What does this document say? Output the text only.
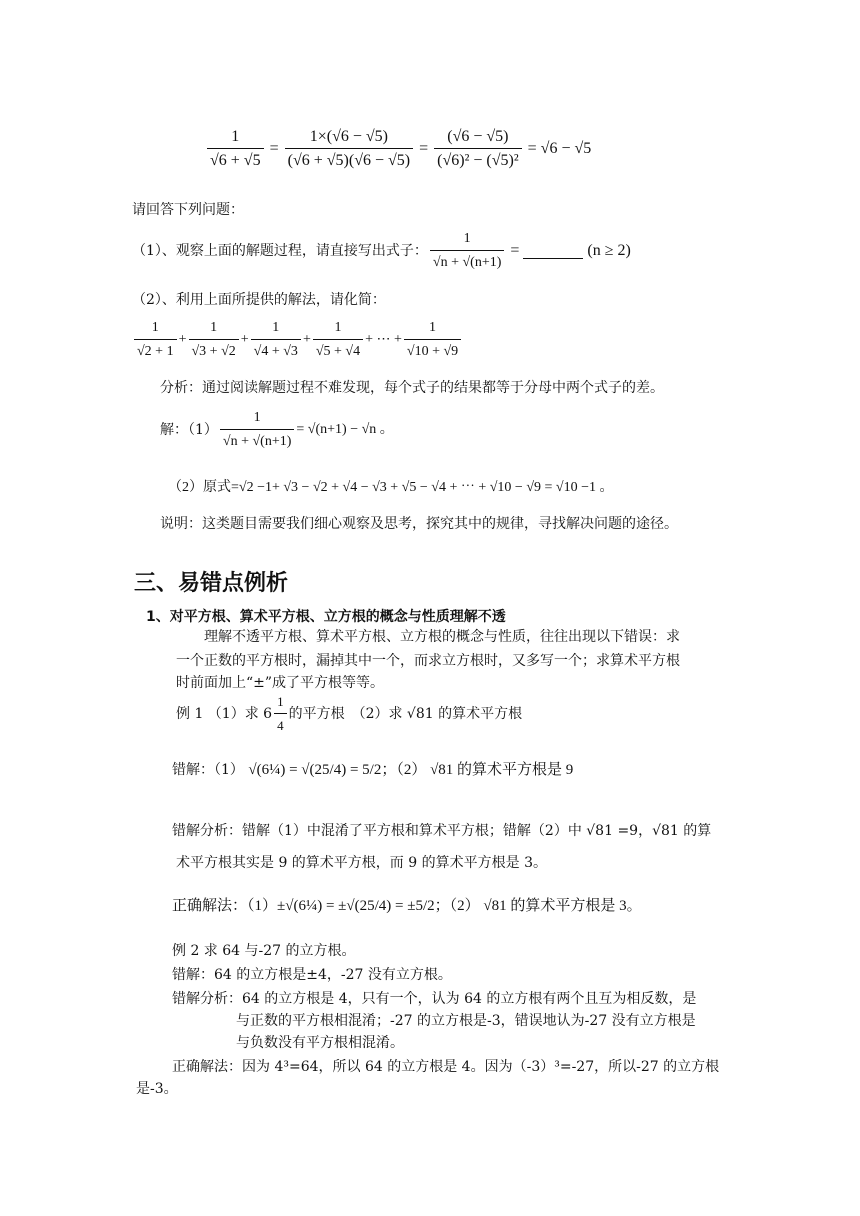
$\frac{1}{√6 + √5} = \frac{1\times(√6 - √5)}{(√6 + √5)(√6 - √5)} = \frac{(√6 - √5)}{\text{(√6)² − (√5)²}} = √6 - √5$
请回答下列问题：
（1）、观察上面的解题过程，请直接写出式子： $\frac{1}{√n + √(n+1)}$ =	(n ≥ 2)
（2）、利用上面所提供的解法，请化简：
$\frac{1}{√2 + 1} + \frac{1}{√3 + √2} + \frac{1}{√4 + √3} + \frac{1}{√5 + √4}$ + ⋯ + $\frac{1}{√10 + √9}$
分析：通过阅读解题过程不难发现，每个式子的结果都等于分母中两个式子的差。
解：$(1) \frac{1}{√n + √(n+1)} = √(n+1) - √n$ 。
（2）原式=√2 −1+ √3 − √2 + √4 − √3 + √5 − √4 + ⋯ + √10 − √9 = √10 −1 。
说明：这类题目需要我们细心观察及思考，探究其中的规律，寻找解决问题的途径。
三、易错点例析
1、对平方根、算术平方根、立方根的概念与性质理解不透
理解不透平方根、算术平方根、立方根的概念与性质，往往出现以下错误：求
一个正数的平方根时，漏掉其中一个，而求立方根时，又多写一个；求算术平方根
时前面加上“±”成了平方根等等。
例 1 （1）求 $6 \frac{1}{4}$ 的平方根　（2）求 √81 的算术平方根
错解：（1） √(6¼) = √(25/4) = 5/2；（2） √81 的算术平方根是 9
错解分析：错解（1）中混淆了平方根和算术平方根；错解（2）中 √81 =9，√81 的算
术平方根其实是 9 的算术平方根，而 9 的算术平方根是 3。
正确解法：（1）±√(6¼) = ±√(25/4) = ±5/2；（2） √81 的算术平方根是 3。
例 2 求 64 与-27 的立方根。
错解：64 的立方根是±4，-27 没有立方根。
错解分析：64 的立方根是 4，只有一个，认为 64 的立方根有两个且互为相反数，是
与正数的平方根相混淆；-27 的立方根是-3，错误地认为-27 没有立方根是
与负数没有平方根相混淆。
正确解法：因为 4³=64，所以 64 的立方根是 4。因为（-3）³=-27，所以-27 的立方根
是-3。
